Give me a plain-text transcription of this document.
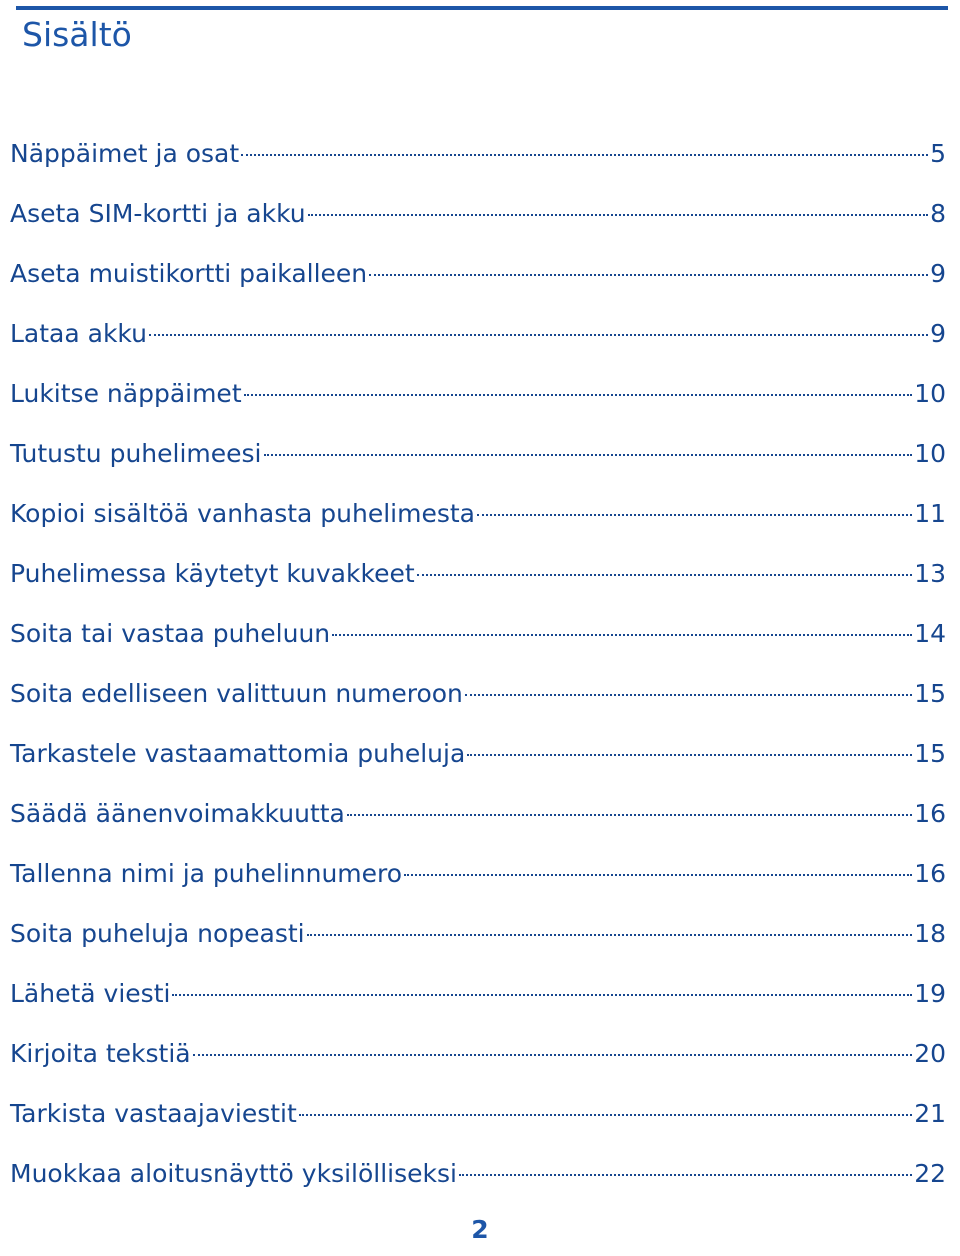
Sisältö
Näppäimet ja osat	5
Aseta SIM-kortti ja akku	8
Aseta muistikortti paikalleen	9
Lataa akku	9
Lukitse näppäimet	10
Tutustu puhelimeesi	10
Kopioi sisältöä vanhasta puhelimesta	11
Puhelimessa käytetyt kuvakkeet	13
Soita tai vastaa puheluun	14
Soita edelliseen valittuun numeroon	15
Tarkastele vastaamattomia puheluja	15
Säädä äänenvoimakkuutta	16
Tallenna nimi ja puhelinnumero	16
Soita puheluja nopeasti	18
Lähetä viesti	19
Kirjoita tekstiä	20
Tarkista vastaajaviestit	21
Muokkaa aloitusnäyttö yksilölliseksi	22
2
